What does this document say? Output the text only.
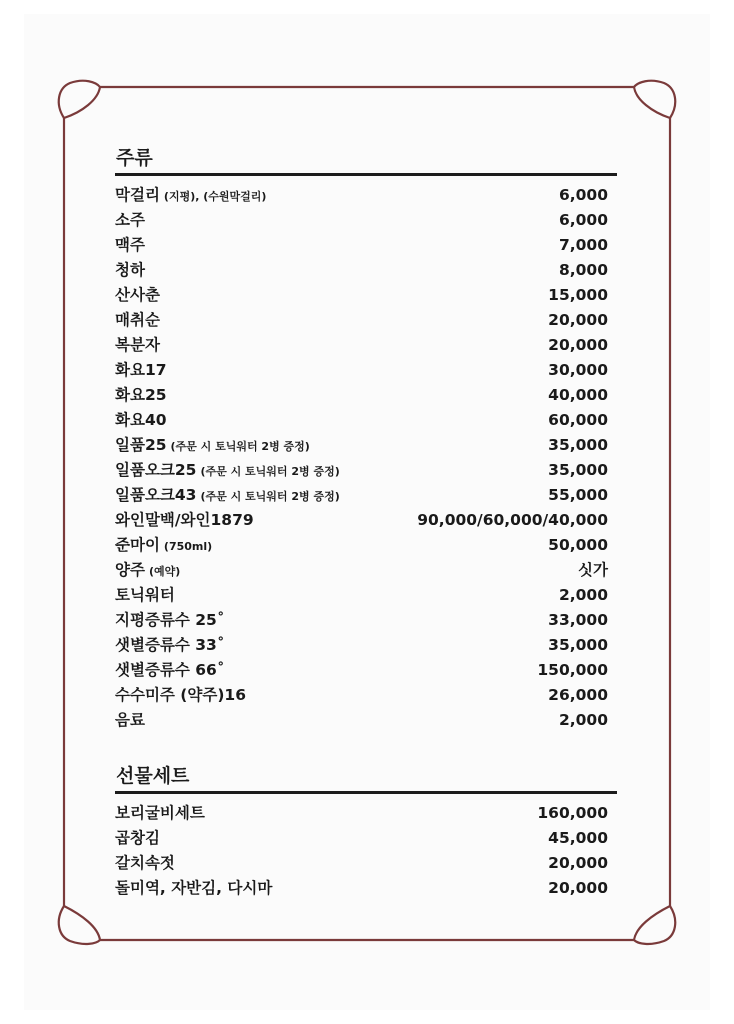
주류
막걸리 (지평), (수원막걸리)	6,000
소주	6,000
맥주	7,000
청하	8,000
산사춘	15,000
매취순	20,000
복분자	20,000
화요17	30,000
화요25	40,000
화요40	60,000
일품25 (주문 시 토닉워터 2병 증정)	35,000
일품오크25 (주문 시 토닉워터 2병 증정)	35,000
일품오크43 (주문 시 토닉워터 2병 증정)	55,000
와인말백/와인1879	90,000/60,000/40,000
준마이 (750ml)	50,000
양주 (예약)	싯가
토닉워터	2,000
지평증류수 25˚	33,000
샛별증류수 33˚	35,000
샛별증류수 66˚	150,000
수수미주 (약주)16	26,000
음료	2,000
선물세트
보리굴비세트	160,000
곱창김	45,000
갈치속젓	20,000
돌미역, 자반김, 다시마	20,000
